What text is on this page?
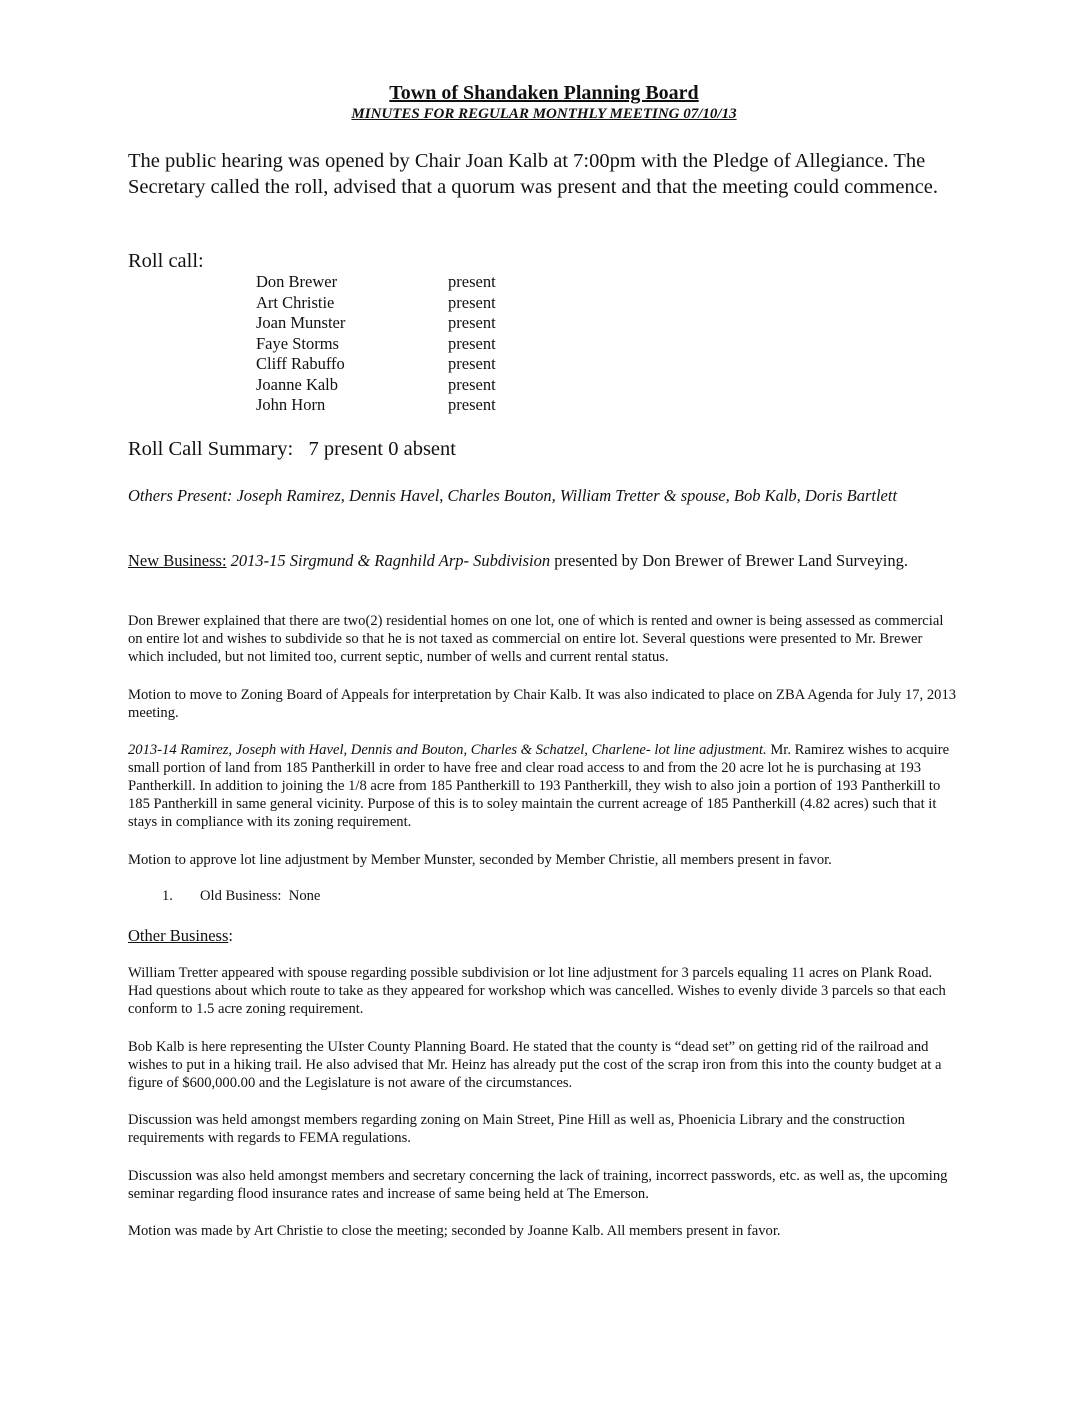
Town of Shandaken Planning Board
MINUTES FOR REGULAR MONTHLY MEETING 07/10/13
The public hearing was opened by Chair Joan Kalb at 7:00pm with the Pledge of Allegiance. The Secretary called the roll, advised that a quorum was present and that the meeting could commence.
Roll call:
Don Brewer	present
Art Christie	present
Joan Munster	present
Faye Storms	present
Cliff Rabuffo	present
Joanne Kalb	present
John Horn	present
Roll Call Summary:   7 present 0 absent
Others Present: Joseph Ramirez, Dennis Havel, Charles Bouton, William Tretter & spouse, Bob Kalb, Doris Bartlett
New Business: 2013-15 Sirgmund & Ragnhild Arp- Subdivision presented by Don Brewer of Brewer Land Surveying.
Don Brewer explained that there are two(2) residential homes on one lot, one of which is rented and owner is being assessed as commercial on entire lot and wishes to subdivide so that he is not taxed as commercial on entire lot. Several questions were presented to Mr. Brewer which included, but not limited too, current septic, number of wells and current rental status.
Motion to move to Zoning Board of Appeals for interpretation by Chair Kalb. It was also indicated to place on ZBA Agenda for July 17, 2013 meeting.
2013-14 Ramirez, Joseph with Havel, Dennis and Bouton, Charles & Schatzel, Charlene- lot line adjustment. Mr. Ramirez wishes to acquire small portion of land from 185 Pantherkill in order to have free and clear road access to and from the 20 acre lot he is purchasing at 193 Pantherkill. In addition to joining the 1/8 acre from 185 Pantherkill to 193 Pantherkill, they wish to also join a portion of 193 Pantherkill to 185 Pantherkill in same general vicinity. Purpose of this is to soley maintain the current acreage of 185 Pantherkill (4.82 acres) such that it stays in compliance with its zoning requirement.
Motion to approve lot line adjustment by Member Munster, seconded by Member Christie, all members present in favor.
1.	Old Business:  None
Other Business:
William Tretter appeared with spouse regarding possible subdivision or lot line adjustment for 3 parcels equaling 11 acres on Plank Road. Had questions about which route to take as they appeared for workshop which was cancelled. Wishes to evenly divide 3 parcels so that each conform to 1.5 acre zoning requirement.
Bob Kalb is here representing the UIster County Planning Board. He stated that the county is “dead set” on getting rid of the railroad and wishes to put in a hiking trail. He also advised that Mr. Heinz has already put the cost of the scrap iron from this into the county budget at a figure of $600,000.00 and the Legislature is not aware of the circumstances.
Discussion was held amongst members regarding zoning on Main Street, Pine Hill as well as, Phoenicia Library and the construction requirements with regards to FEMA regulations.
Discussion was also held amongst members and secretary concerning the lack of training, incorrect passwords, etc. as well as, the upcoming seminar regarding flood insurance rates and increase of same being held at The Emerson.
Motion was made by Art Christie to close the meeting; seconded by Joanne Kalb. All members present in favor.
